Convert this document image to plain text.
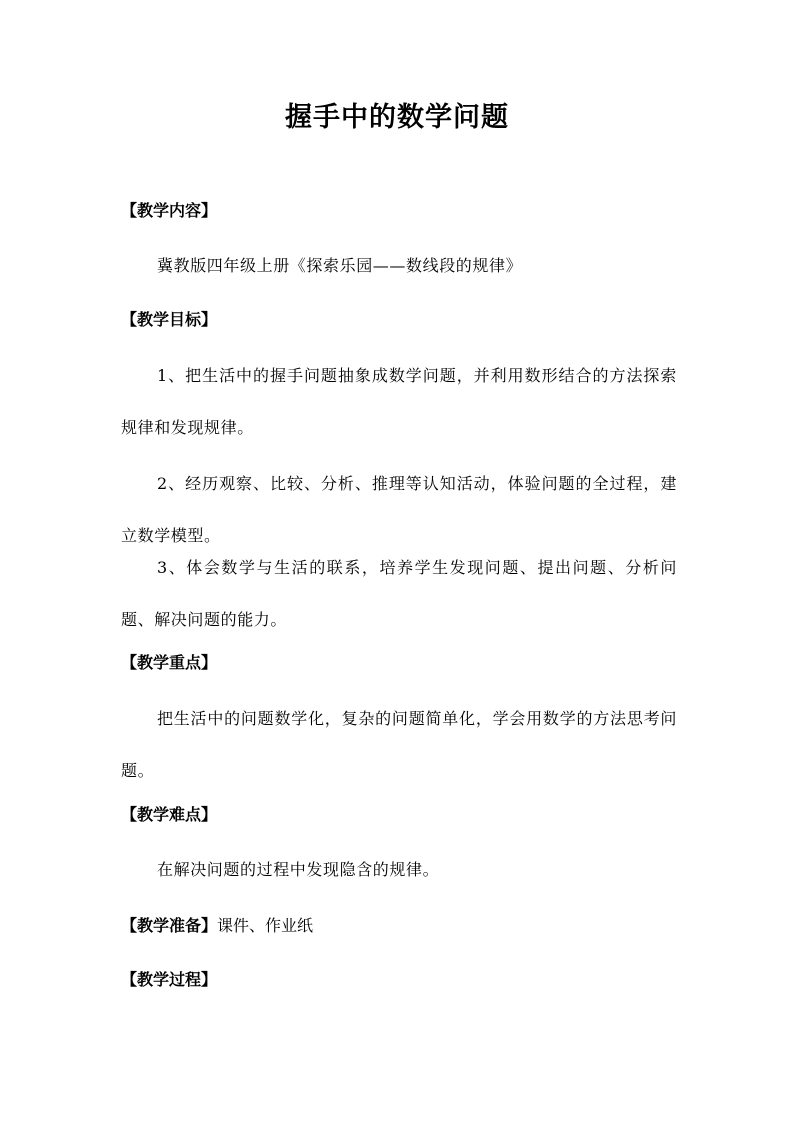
握手中的数学问题
【教学内容】
冀教版四年级上册《探索乐园——数线段的规律》
【教学目标】
1、把生活中的握手问题抽象成数学问题，并利用数形结合的方法探索规律和发现规律。
2、经历观察、比较、分析、推理等认知活动，体验问题的全过程，建立数学模型。
3、体会数学与生活的联系，培养学生发现问题、提出问题、分析问题、解决问题的能力。
【教学重点】
把生活中的问题数学化，复杂的问题简单化，学会用数学的方法思考问题。
【教学难点】
在解决问题的过程中发现隐含的规律。
【教学准备】课件、作业纸
【教学过程】
